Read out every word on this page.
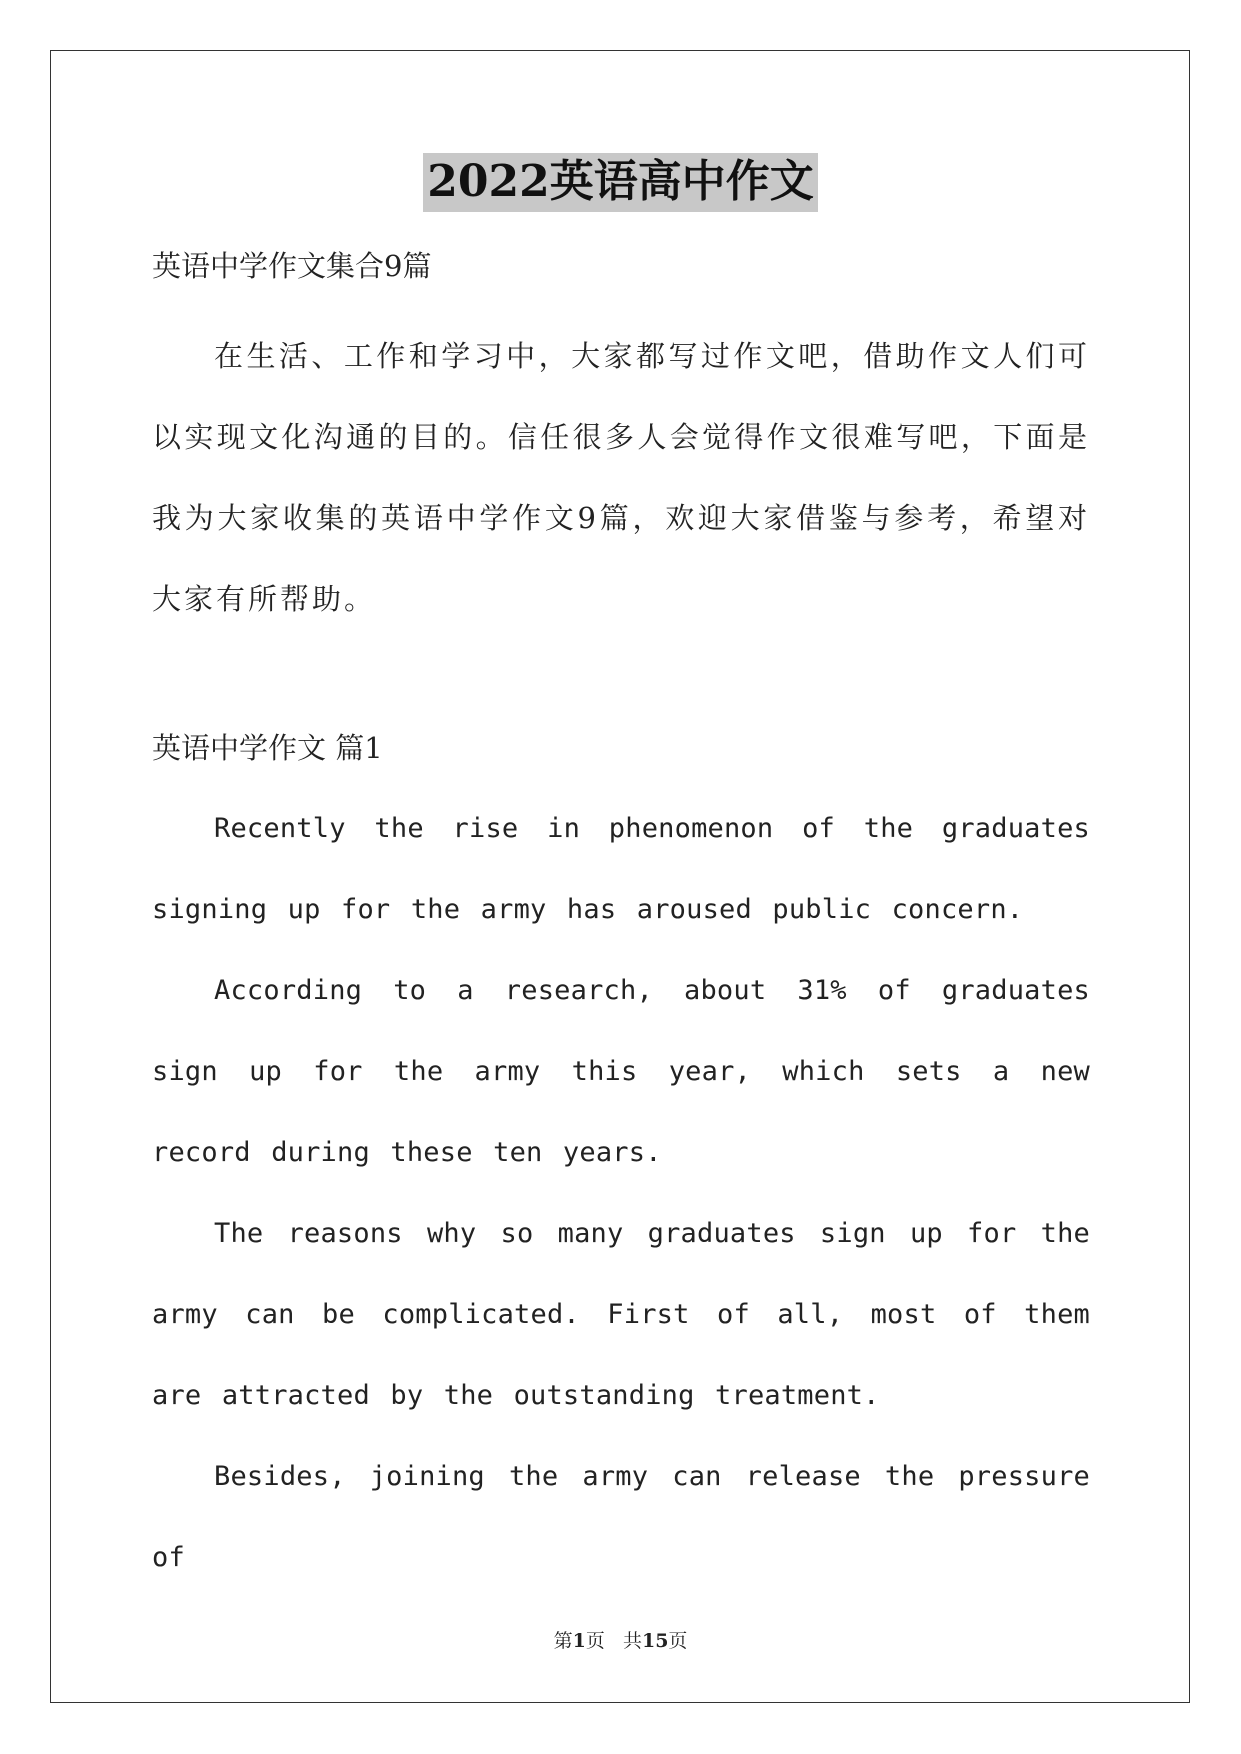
2022英语高中作文

英语中学作文集合9篇

在生活、工作和学习中，大家都写过作文吧，借助作文人们可以实现文化沟通的目的。信任很多人会觉得作文很难写吧，下面是我为大家收集的英语中学作文9篇，欢迎大家借鉴与参考，希望对大家有所帮助。

英语中学作文 篇1

Recently the rise in phenomenon of the graduates signing up for the army has aroused public concern.

According to a research, about 31% of graduates sign up for the army this year, which sets a new record during these ten years.

The reasons why so many graduates sign up for the army can be complicated. First of all, most of them are attracted by the outstanding treatment.

Besides, joining the army can release the pressure of

第1页 共15页
